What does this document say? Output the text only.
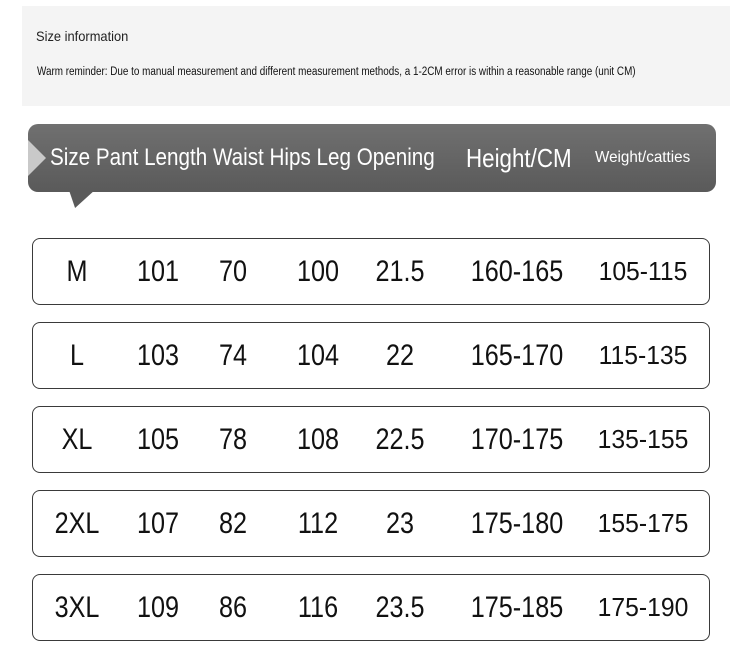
Size information
Warm reminder: Due to manual measurement and different measurement methods, a 1-2CM error is within a reasonable range (unit CM)
Size Pant Length Waist Hips Leg Opening Height/CM Weight/catties
M	101	70	100	21.5 160-165 105-115
L	103	74	104	22	165-170 115-135
XL	105	78	108	22.5 170-175 135-155
2XL 107	82	112	23	175-180 155-175
3XL 109	86	116	23.5 175-185 175-190
